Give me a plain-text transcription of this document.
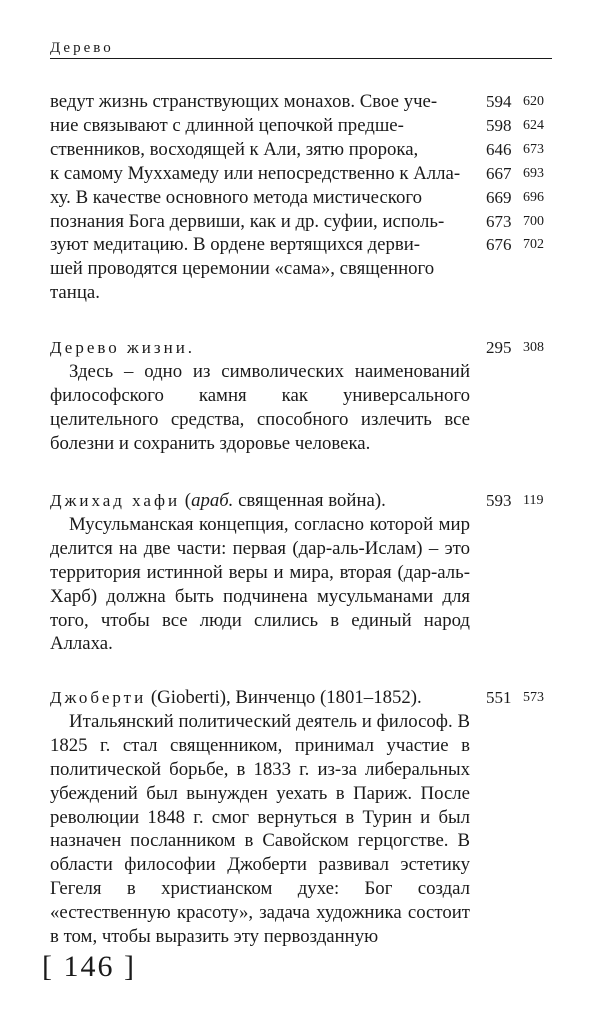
Дерево
ведут жизнь странствующих монахов. Свое уче-
ние связывают с длинной цепочкой предше-
ственников, восходящей к Али, зятю пророка,
к самому Муххамеду или непосредственно к Алла-
ху. В качестве основного метода мистического
познания Бога дервиши, как и др. суфии, исполь-
зуют медитацию. В ордене вертящихся дерви-
шей проводятся церемонии «сама», священного
танца.
594 620
598 624
646 673
667 693
669 696
673 700
676 702

Дерево жизни.

Здесь – одно из символических наименований философского камня как универсального целительного средства, способного излечить все болезни и сохранить здоровье человека.

295 308

Джихад хафи (араб. священная война).

Мусульманская концепция, согласно которой мир делится на две части: первая (дар-аль-Ислам) – это территория истинной веры и мира, вторая (дар-аль-Харб) должна быть подчинена мусульманами для того, чтобы все люди слились в единый народ Аллаха.

593 119

Джоберти (Gioberti), Винченцо (1801–1852).

Итальянский политический деятель и философ. В 1825 г. стал священником, принимал участие в политической борьбе, в 1833 г. из-за либеральных убеждений был вынужден уехать в Париж. После революции 1848 г. смог вернуться в Турин и был назначен посланником в Савойском герцогстве. В области философии Джоберти развивал эстетику Гегеля в христианском духе: Бог создал «естественную красоту», задача художника состоит в том, чтобы выразить эту первозданную

551 573
[ 146 ]
